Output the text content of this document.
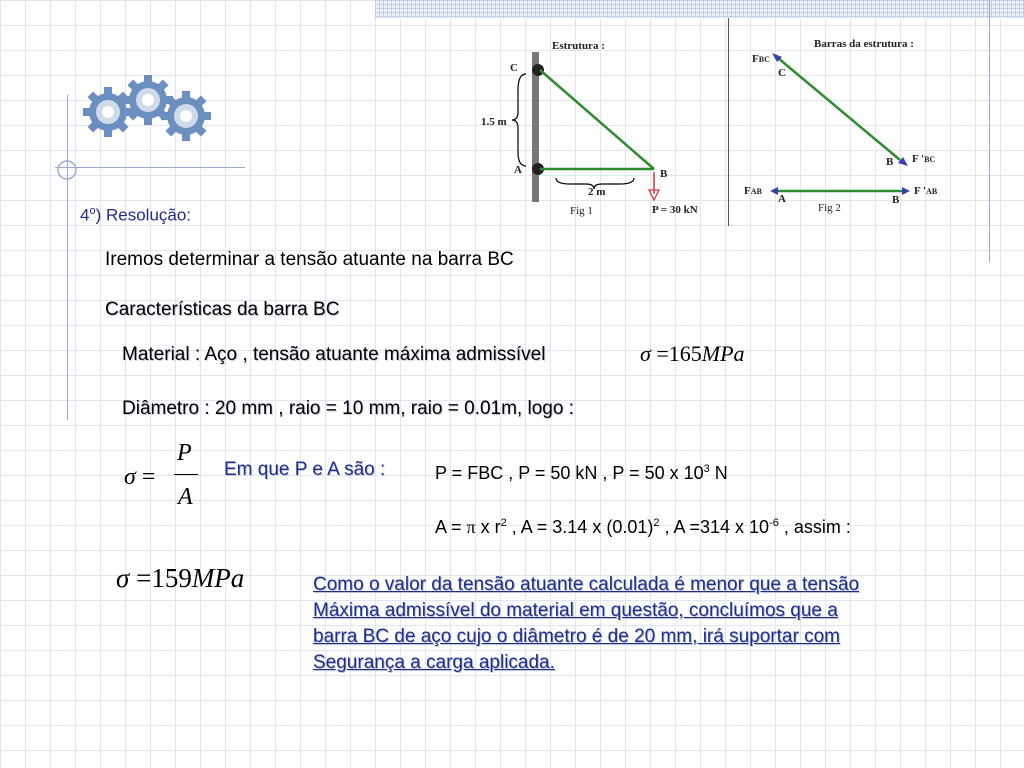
4$^o$) Resolução:
Iremos determinar a tensão atuante na barra BC
Características da barra BC
Material : Aço , tensão atuante máxima admissível	σ =165MPa
Diâmetro : 20 mm , raio = 10 mm, raio = 0.01m, logo :
σ =
P
A
Em que P e A são :	P = FBC , P = 50 kN , P = 50 x $10^3$ N
A = π x $r^2$ , A = 3.14 x $(0.01)^2$ , A =314 x $10^{-6}$ , assim :
σ =159MPa	Como o valor da tensão atuante calculada é menor que a tensão
Máxima admissível do material em questão, concluímos que a
barra BC de aço cujo o diâmetro é de 20 mm, irá suportar com
Segurança a carga aplicada.
Estrutura :
C
A	B
1.5 m
2 m
Fig 1	P = 30 kN
Barras da estrutura :
FBC
C
B F 'BC
FAB
A	B
F 'AB
Fig 2
